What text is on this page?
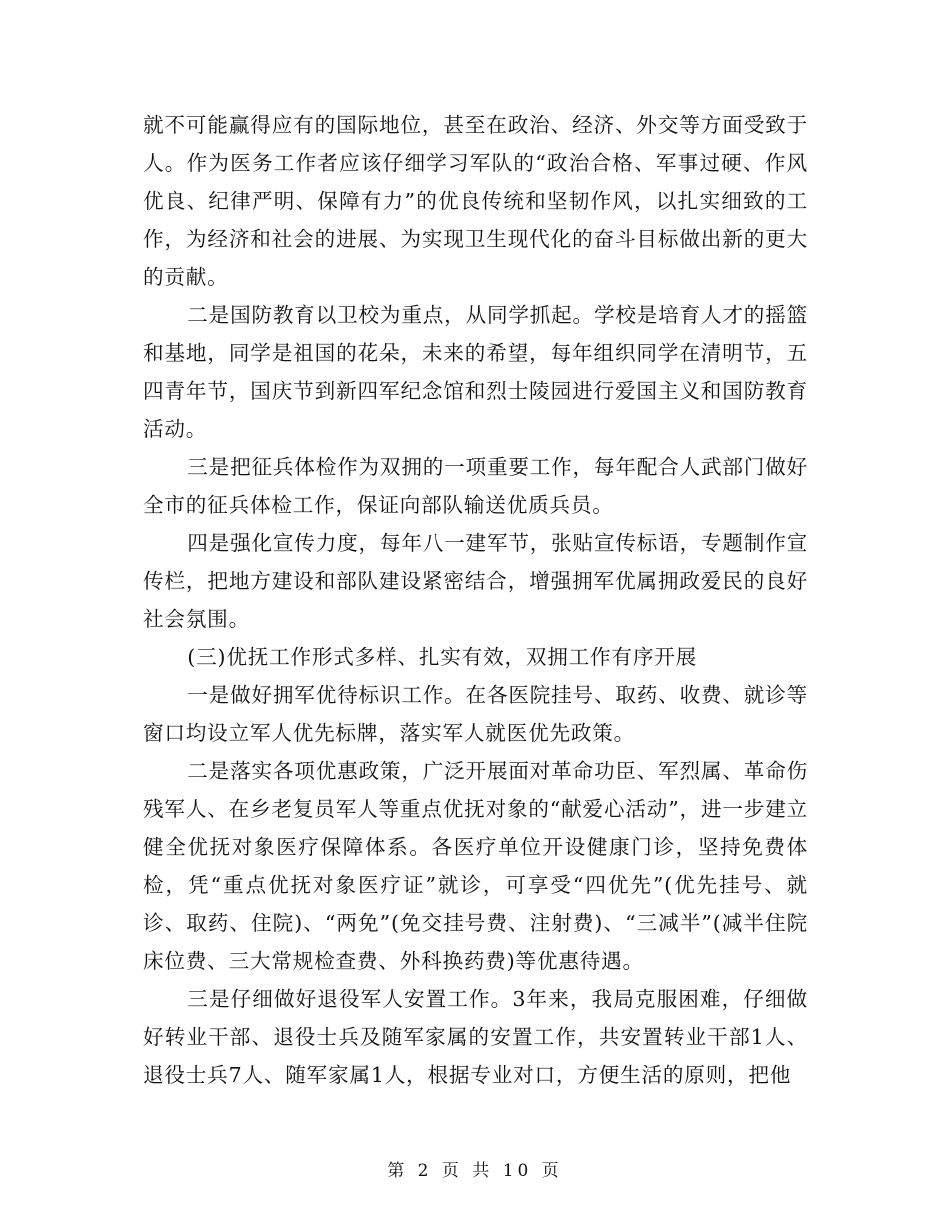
就不可能赢得应有的国际地位，甚至在政治、经济、外交等方面受致于人。作为医务工作者应该仔细学习军队的“政治合格、军事过硬、作风优良、纪律严明、保障有力”的优良传统和坚韧作风，以扎实细致的工作，为经济和社会的进展、为实现卫生现代化的奋斗目标做出新的更大的贡献。

二是国防教育以卫校为重点，从同学抓起。学校是培育人才的摇篮和基地，同学是祖国的花朵，未来的希望，每年组织同学在清明节，五四青年节，国庆节到新四军纪念馆和烈士陵园进行爱国主义和国防教育活动。

三是把征兵体检作为双拥的一项重要工作，每年配合人武部门做好全市的征兵体检工作，保证向部队输送优质兵员。

四是强化宣传力度，每年八一建军节，张贴宣传标语，专题制作宣传栏，把地方建设和部队建设紧密结合，增强拥军优属拥政爱民的良好社会氛围。

(三)优抚工作形式多样、扎实有效，双拥工作有序开展

一是做好拥军优待标识工作。在各医院挂号、取药、收费、就诊等窗口均设立军人优先标牌，落实军人就医优先政策。

二是落实各项优惠政策，广泛开展面对革命功臣、军烈属、革命伤残军人、在乡老复员军人等重点优抚对象的“献爱心活动”，进一步建立健全优抚对象医疗保障体系。各医疗单位开设健康门诊，坚持免费体检，凭“重点优抚对象医疗证”就诊，可享受“四优先”(优先挂号、就诊、取药、住院)、“两免”(免交挂号费、注射费)、“三减半”(减半住院床位费、三大常规检查费、外科换药费)等优惠待遇。

三是仔细做好退役军人安置工作。3年来，我局克服困难，仔细做好转业干部、退役士兵及随军家属的安置工作，共安置转业干部1人、退役士兵7人、随军家属1人，根据专业对口，方便生活的原则，把他

第 2 页 共 10 页
